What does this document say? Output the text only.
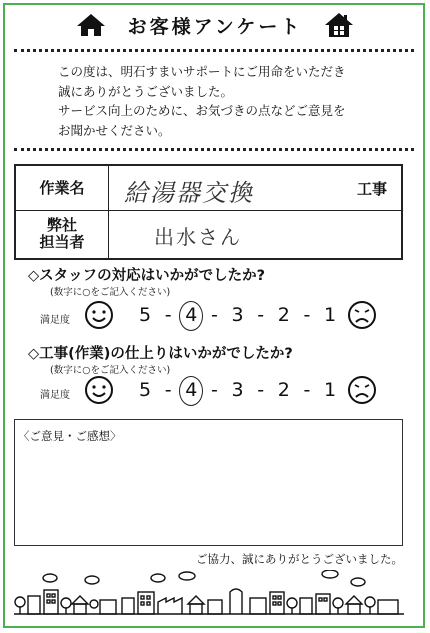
お客様アンケート
この度は、明石すまいサポートにご用命をいただき
誠にありがとうございました。
サービス向上のために、お気づきの点などご意見を
お聞かせください。
作業名	給湯器交換	工事
弊社
担当者	出水さん
◇スタッフの対応はいかがでしたか?
(数字に○をご記入ください)
満足度	5 - 4 - 3 - 2 - 1
◇工事(作業)の仕上りはいかがでしたか?
(数字に○をご記入ください)
満足度	5 - 4 - 3 - 2 - 1
〈ご意見・ご感想〉
ご協力、誠にありがとうございました。
